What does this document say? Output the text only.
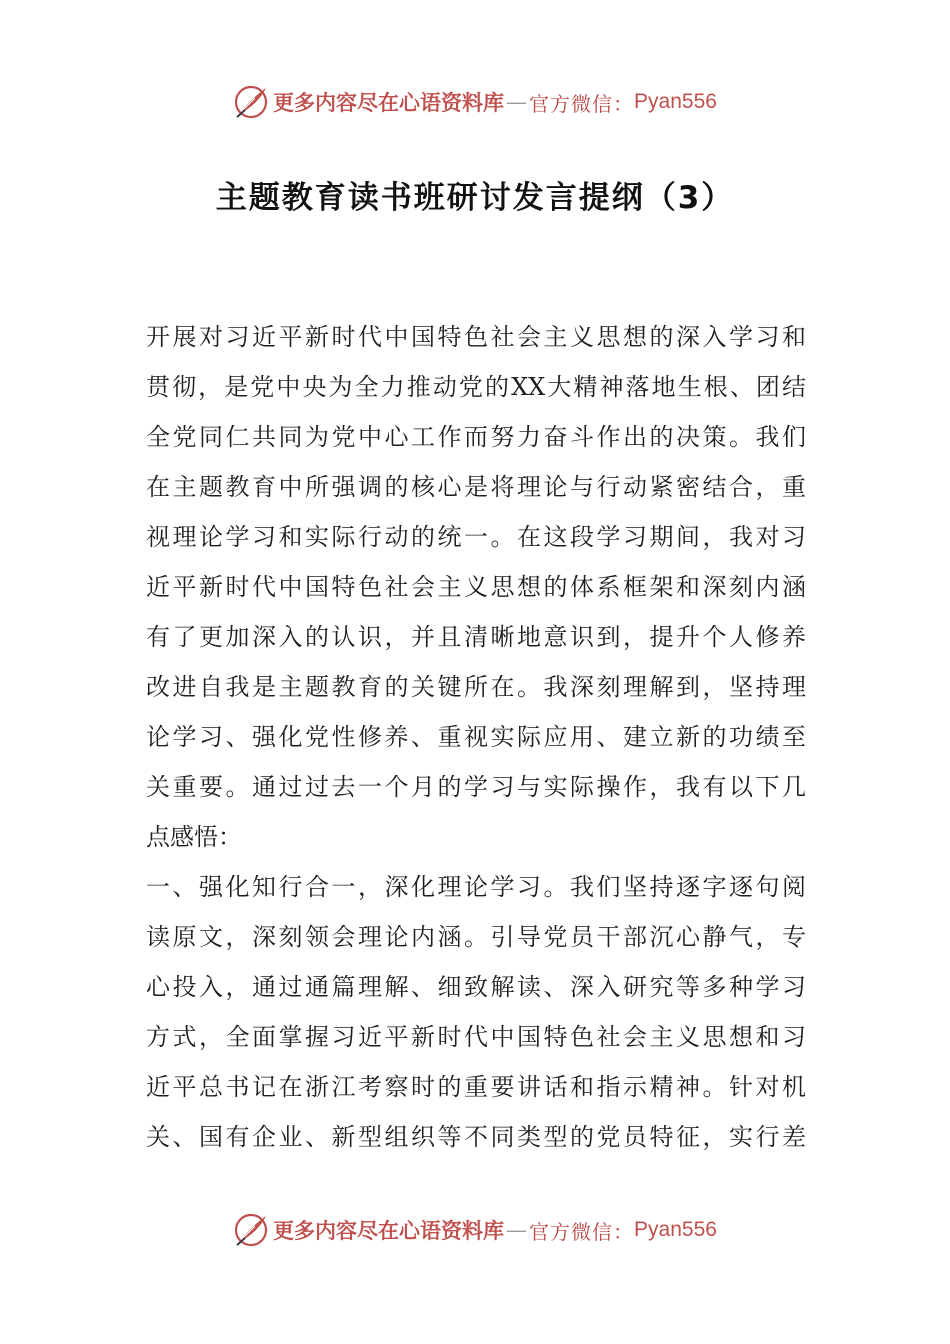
更多内容尽在心语资料库 — 官方微信： Pyan556
主题教育读书班研讨发言提纲（3）
开展对习近平新时代中国特色社会主义思想的深入学习和
贯彻，是党中央为全力推动党的XX大精神落地生根、团结
全党同仁共同为党中心工作而努力奋斗作出的决策。我们
在主题教育中所强调的核心是将理论与行动紧密结合，重
视理论学习和实际行动的统一。在这段学习期间，我对习
近平新时代中国特色社会主义思想的体系框架和深刻内涵
有了更加深入的认识，并且清晰地意识到，提升个人修养
改进自我是主题教育的关键所在。我深刻理解到，坚持理
论学习、强化党性修养、重视实际应用、建立新的功绩至
关重要。通过过去一个月的学习与实际操作，我有以下几
点感悟：
一、强化知行合一，深化理论学习。我们坚持逐字逐句阅
读原文，深刻领会理论内涵。引导党员干部沉心静气，专
心投入，通过通篇理解、细致解读、深入研究等多种学习
方式，全面掌握习近平新时代中国特色社会主义思想和习
近平总书记在浙江考察时的重要讲话和指示精神。针对机
关、国有企业、新型组织等不同类型的党员特征，实行差
更多内容尽在心语资料库 — 官方微信： Pyan556
